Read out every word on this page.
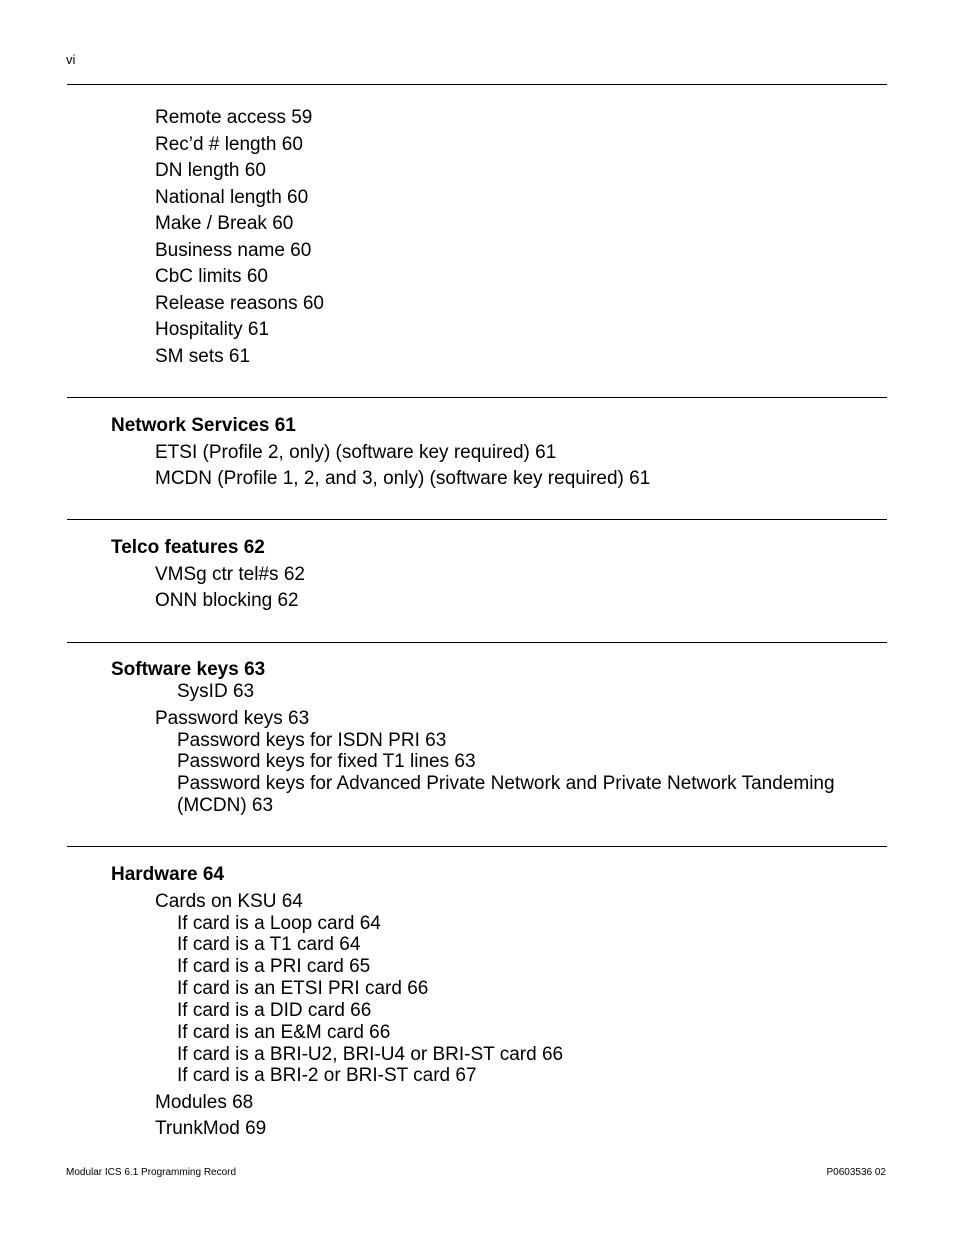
vi
Remote access 59
Rec’d # length 60
DN length 60
National length 60
Make / Break 60
Business name 60
CbC limits 60
Release reasons 60
Hospitality 61
SM sets 61
Network Services 61
ETSI (Profile 2, only) (software key required) 61
MCDN (Profile 1, 2, and 3, only) (software key required) 61
Telco features 62
VMSg ctr tel#s 62
ONN blocking 62
Software keys 63
SysID 63
Password keys 63
Password keys for ISDN PRI 63
Password keys for fixed T1 lines 63
Password keys for Advanced Private Network and Private Network Tandeming
(MCDN) 63
Hardware 64
Cards on KSU 64
If card is a Loop card 64
If card is a T1 card 64
If card is a PRI card 65
If card is an ETSI PRI card 66
If card is a DID card 66
If card is an E&M card 66
If card is a BRI-U2, BRI-U4 or BRI-ST card 66
If card is a BRI-2 or BRI-ST card 67
Modules 68
TrunkMod 69
Modular ICS 6.1 Programming Record	P0603536 02
